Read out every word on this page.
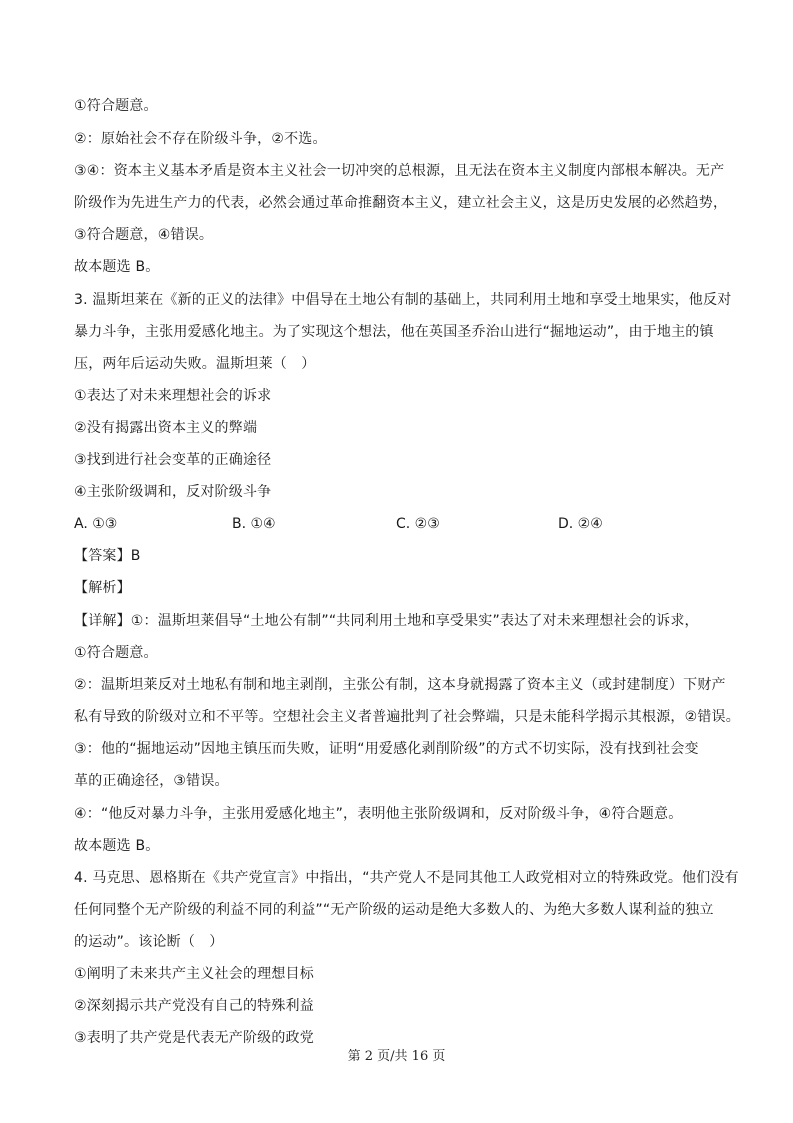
①符合题意。
②：原始社会不存在阶级斗争，②不选。
③④：资本主义基本矛盾是资本主义社会一切冲突的总根源，且无法在资本主义制度内部根本解决。无产
阶级作为先进生产力的代表，必然会通过革命推翻资本主义，建立社会主义，这是历史发展的必然趋势，
③符合题意，④错误。
故本题选 B。
3. 温斯坦莱在《新的正义的法律》中倡导在土地公有制的基础上，共同利用土地和享受土地果实，他反对
暴力斗争，主张用爱感化地主。为了实现这个想法，他在英国圣乔治山进行“掘地运动”，由于地主的镇
压，两年后运动失败。温斯坦莱（　）
①表达了对未来理想社会的诉求
②没有揭露出资本主义的弊端
③找到进行社会变革的正确途径
④主张阶级调和，反对阶级斗争
A. ①③	B. ①④	C. ②③	D. ②④
【答案】B
【解析】
【详解】①：温斯坦莱倡导“土地公有制”“共同利用土地和享受果实”表达了对未来理想社会的诉求，
①符合题意。
②：温斯坦莱反对土地私有制和地主剥削，主张公有制，这本身就揭露了资本主义（或封建制度）下财产
私有导致的阶级对立和不平等。空想社会主义者普遍批判了社会弊端，只是未能科学揭示其根源，②错误。
③：他的“掘地运动”因地主镇压而失败，证明“用爱感化剥削阶级”的方式不切实际，没有找到社会变
革的正确途径，③错误。
④：“他反对暴力斗争，主张用爱感化地主”，表明他主张阶级调和，反对阶级斗争，④符合题意。
故本题选 B。
4. 马克思、恩格斯在《共产党宣言》中指出，“共产党人不是同其他工人政党相对立的特殊政党。他们没有
任何同整个无产阶级的利益不同的利益”“无产阶级的运动是绝大多数人的、为绝大多数人谋利益的独立
的运动”。该论断（　）
①阐明了未来共产主义社会的理想目标
②深刻揭示共产党没有自己的特殊利益
③表明了共产党是代表无产阶级的政党
第 2 页/共 16 页
